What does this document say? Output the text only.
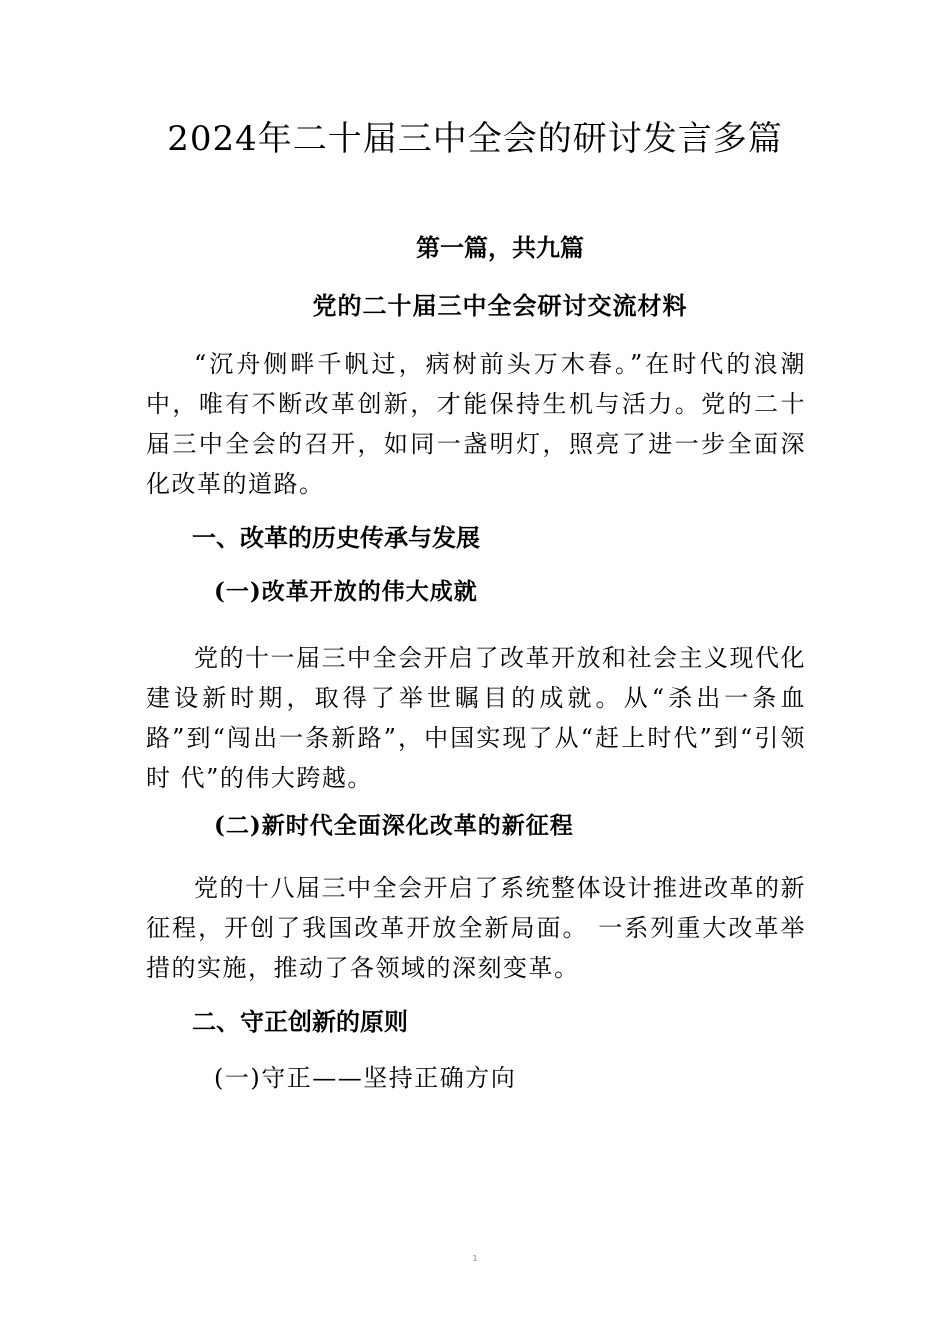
2024年二十届三中全会的研讨发言多篇
第一篇，共九篇
党的二十届三中全会研讨交流材料
“沉舟侧畔千帆过，病树前头万木春。”在时代的浪潮中，唯有不断改革创新，才能保持生机与活力。党的二十届三中全会的召开，如同一盏明灯，照亮了进一步全面深化改革的道路。
一、改革的历史传承与发展
(一)改革开放的伟大成就
党的十一届三中全会开启了改革开放和社会主义现代化建设新时期，取得了举世瞩目的成就。从“杀出一条血路”到“闯出一条新路”，中国实现了从“赶上时代”到“引领时 代”的伟大跨越。
(二)新时代全面深化改革的新征程
党的十八届三中全会开启了系统整体设计推进改革的新征程，开创了我国改革开放全新局面。 一系列重大改革举措的实施，推动了各领域的深刻变革。
二、守正创新的原则
(一)守正——坚持正确方向
1
